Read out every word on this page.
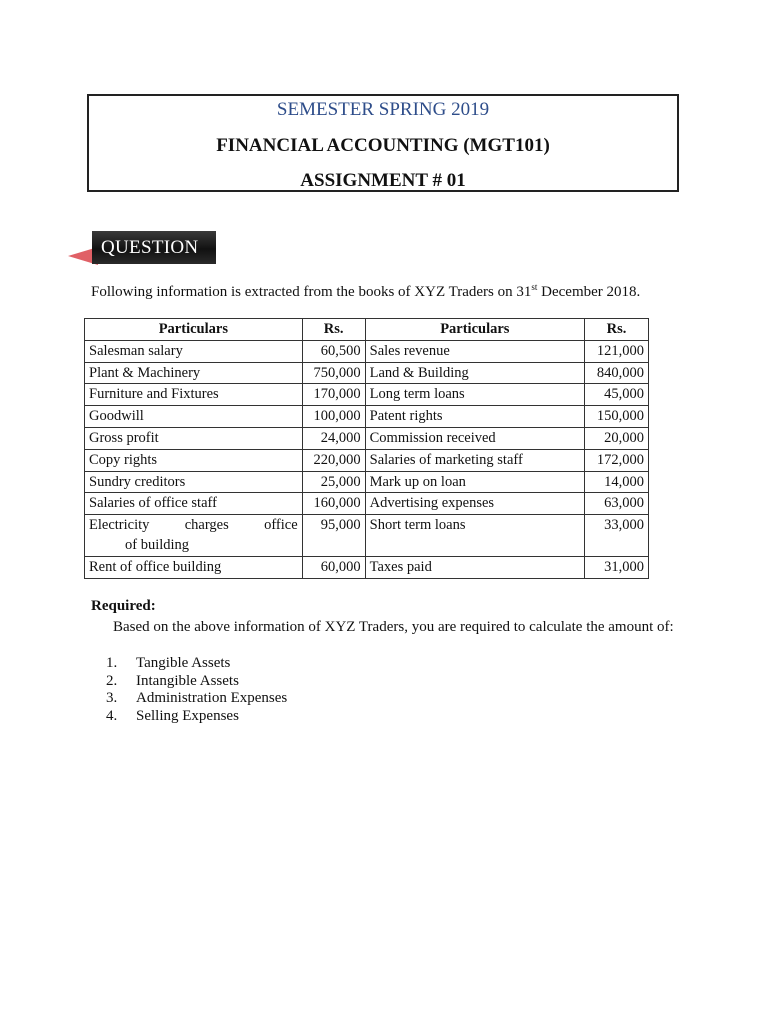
SEMESTER SPRING 2019
FINANCIAL ACCOUNTING (MGT101)
ASSIGNMENT # 01
QUESTION
Following information is extracted from the books of XYZ Traders on 31st December 2018.
Particulars	Rs.	Particulars	Rs.
Salesman salary	60,500	Sales revenue	121,000
Plant & Machinery	750,000	Land & Building	840,000
Furniture and Fixtures	170,000	Long term loans	45,000
Goodwill	100,000	Patent rights	150,000
Gross profit	24,000	Commission received	20,000
Copy rights	220,000	Salaries of marketing staff	172,000
Sundry creditors	25,000	Mark up on loan	14,000
Salaries of office staff	160,000	Advertising expenses	63,000

Electricity charges office
of building	95,000	Short term loans	33,000
Rent of office building	60,000	Taxes paid	31,000
Required:
Based on the above information of XYZ Traders, you are required to calculate the amount of:
1.	Tangible Assets
2.	Intangible Assets
3.	Administration Expenses
4.	Selling Expenses
